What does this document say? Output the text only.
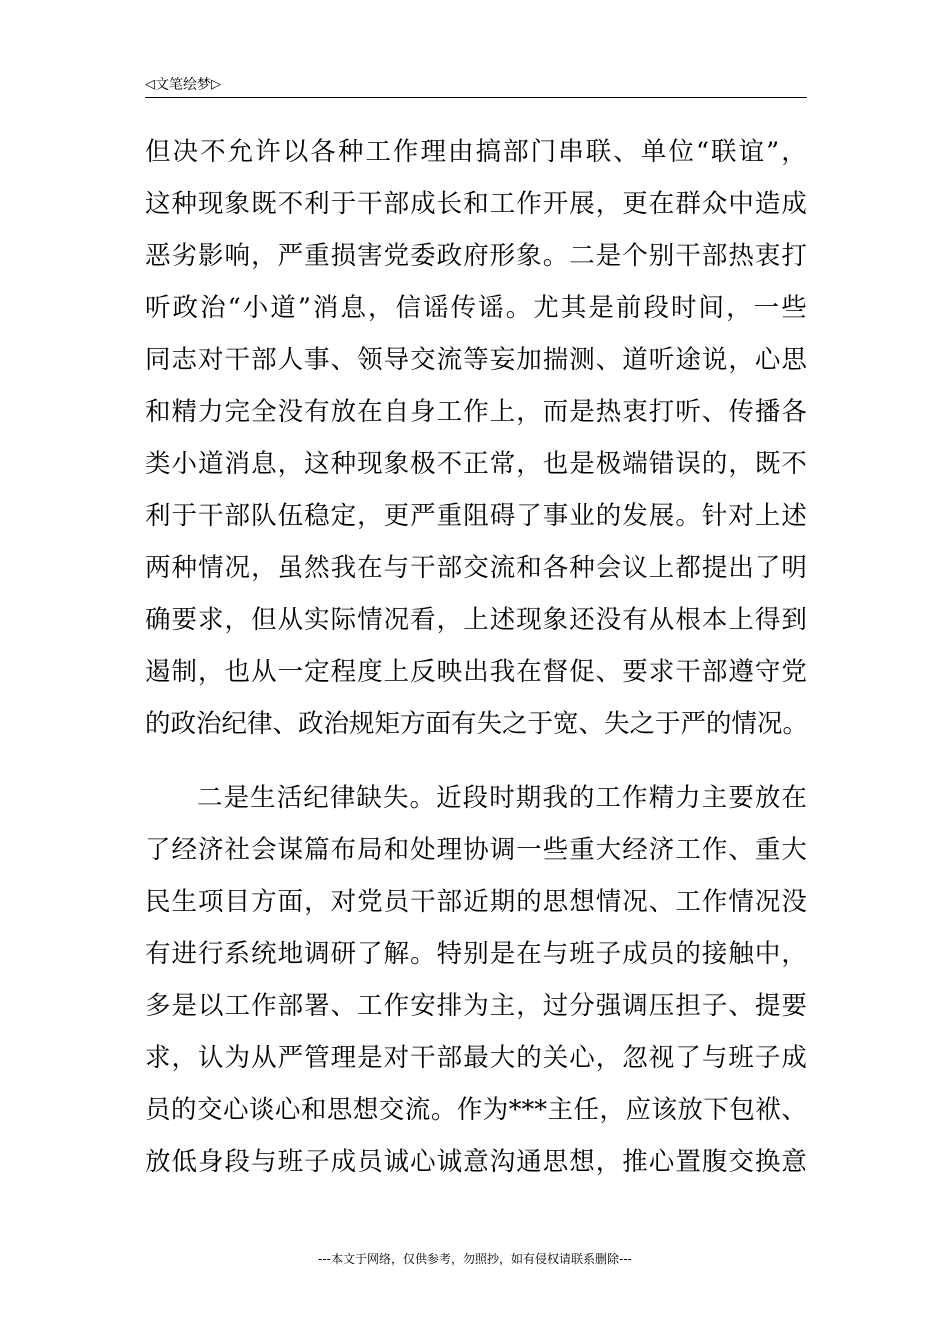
◁ 文笔绘梦 ▷
但 决 不 允 许 以 各 种 工 作 理 由 搞 部 门 串 联 、 单 位 “ 联 谊 ” ，
这 种 现 象 既 不 利 于 干 部 成 长 和 工 作 开 展 ， 更 在 群 众 中 造 成
恶 劣 影 响 ， 严 重 损 害 党 委 政 府 形 象 。 二 是 个 别 干 部 热 衷 打
听 政 治 “ 小 道 ” 消 息 ， 信 谣 传 谣 。 尤 其 是 前 段 时 间 ， 一 些
同 志 对 干 部 人 事 、 领 导 交 流 等 妄 加 揣 测 、 道 听 途 说 ， 心 思
和 精 力 完 全 没 有 放 在 自 身 工 作 上 ， 而 是 热 衷 打 听 、 传 播 各
类 小 道 消 息 ， 这 种 现 象 极 不 正 常 ， 也 是 极 端 错 误 的 ， 既 不
利 于 干 部 队 伍 稳 定 ， 更 严 重 阻 碍 了 事 业 的 发 展 。 针 对 上 述
两 种 情 况 ， 虽 然 我 在 与 干 部 交 流 和 各 种 会 议 上 都 提 出 了 明
确 要 求 ， 但 从 实 际 情 况 看 ， 上 述 现 象 还 没 有 从 根 本 上 得 到
遏 制 ， 也 从 一 定 程 度 上 反 映 出 我 在 督 促 、 要 求 干 部 遵 守 党
的政治纪律、政治规矩方面有失之于宽、失之于严的情况。
二 是 生 活 纪 律 缺 失 。 近 段 时 期 我 的 工 作 精 力 主 要 放 在
了 经 济 社 会 谋 篇 布 局 和 处 理 协 调 一 些 重 大 经 济 工 作 、 重 大
民 生 项 目 方 面 ， 对 党 员 干 部 近 期 的 思 想 情 况 、 工 作 情 况 没
有 进 行 系 统 地 调 研 了 解 。 特 别 是 在 与 班 子 成 员 的 接 触 中 ，
多 是 以 工 作 部 署 、 工 作 安 排 为 主 ， 过 分 强 调 压 担 子 、 提 要
求 ， 认 为 从 严 管 理 是 对 干 部 最 大 的 关 心 ， 忽 视 了 与 班 子 成
员 的 交 心 谈 心 和 思 想 交 流 。 作 为 *** 主 任 ， 应 该 放 下 包 袱 、
放 低 身 段 与 班 子 成 员 诚 心 诚 意 沟 通 思 想 ， 推 心 置 腹 交 换 意
---本文于网络，仅供参考，勿照抄，如有侵权请联系删除---
